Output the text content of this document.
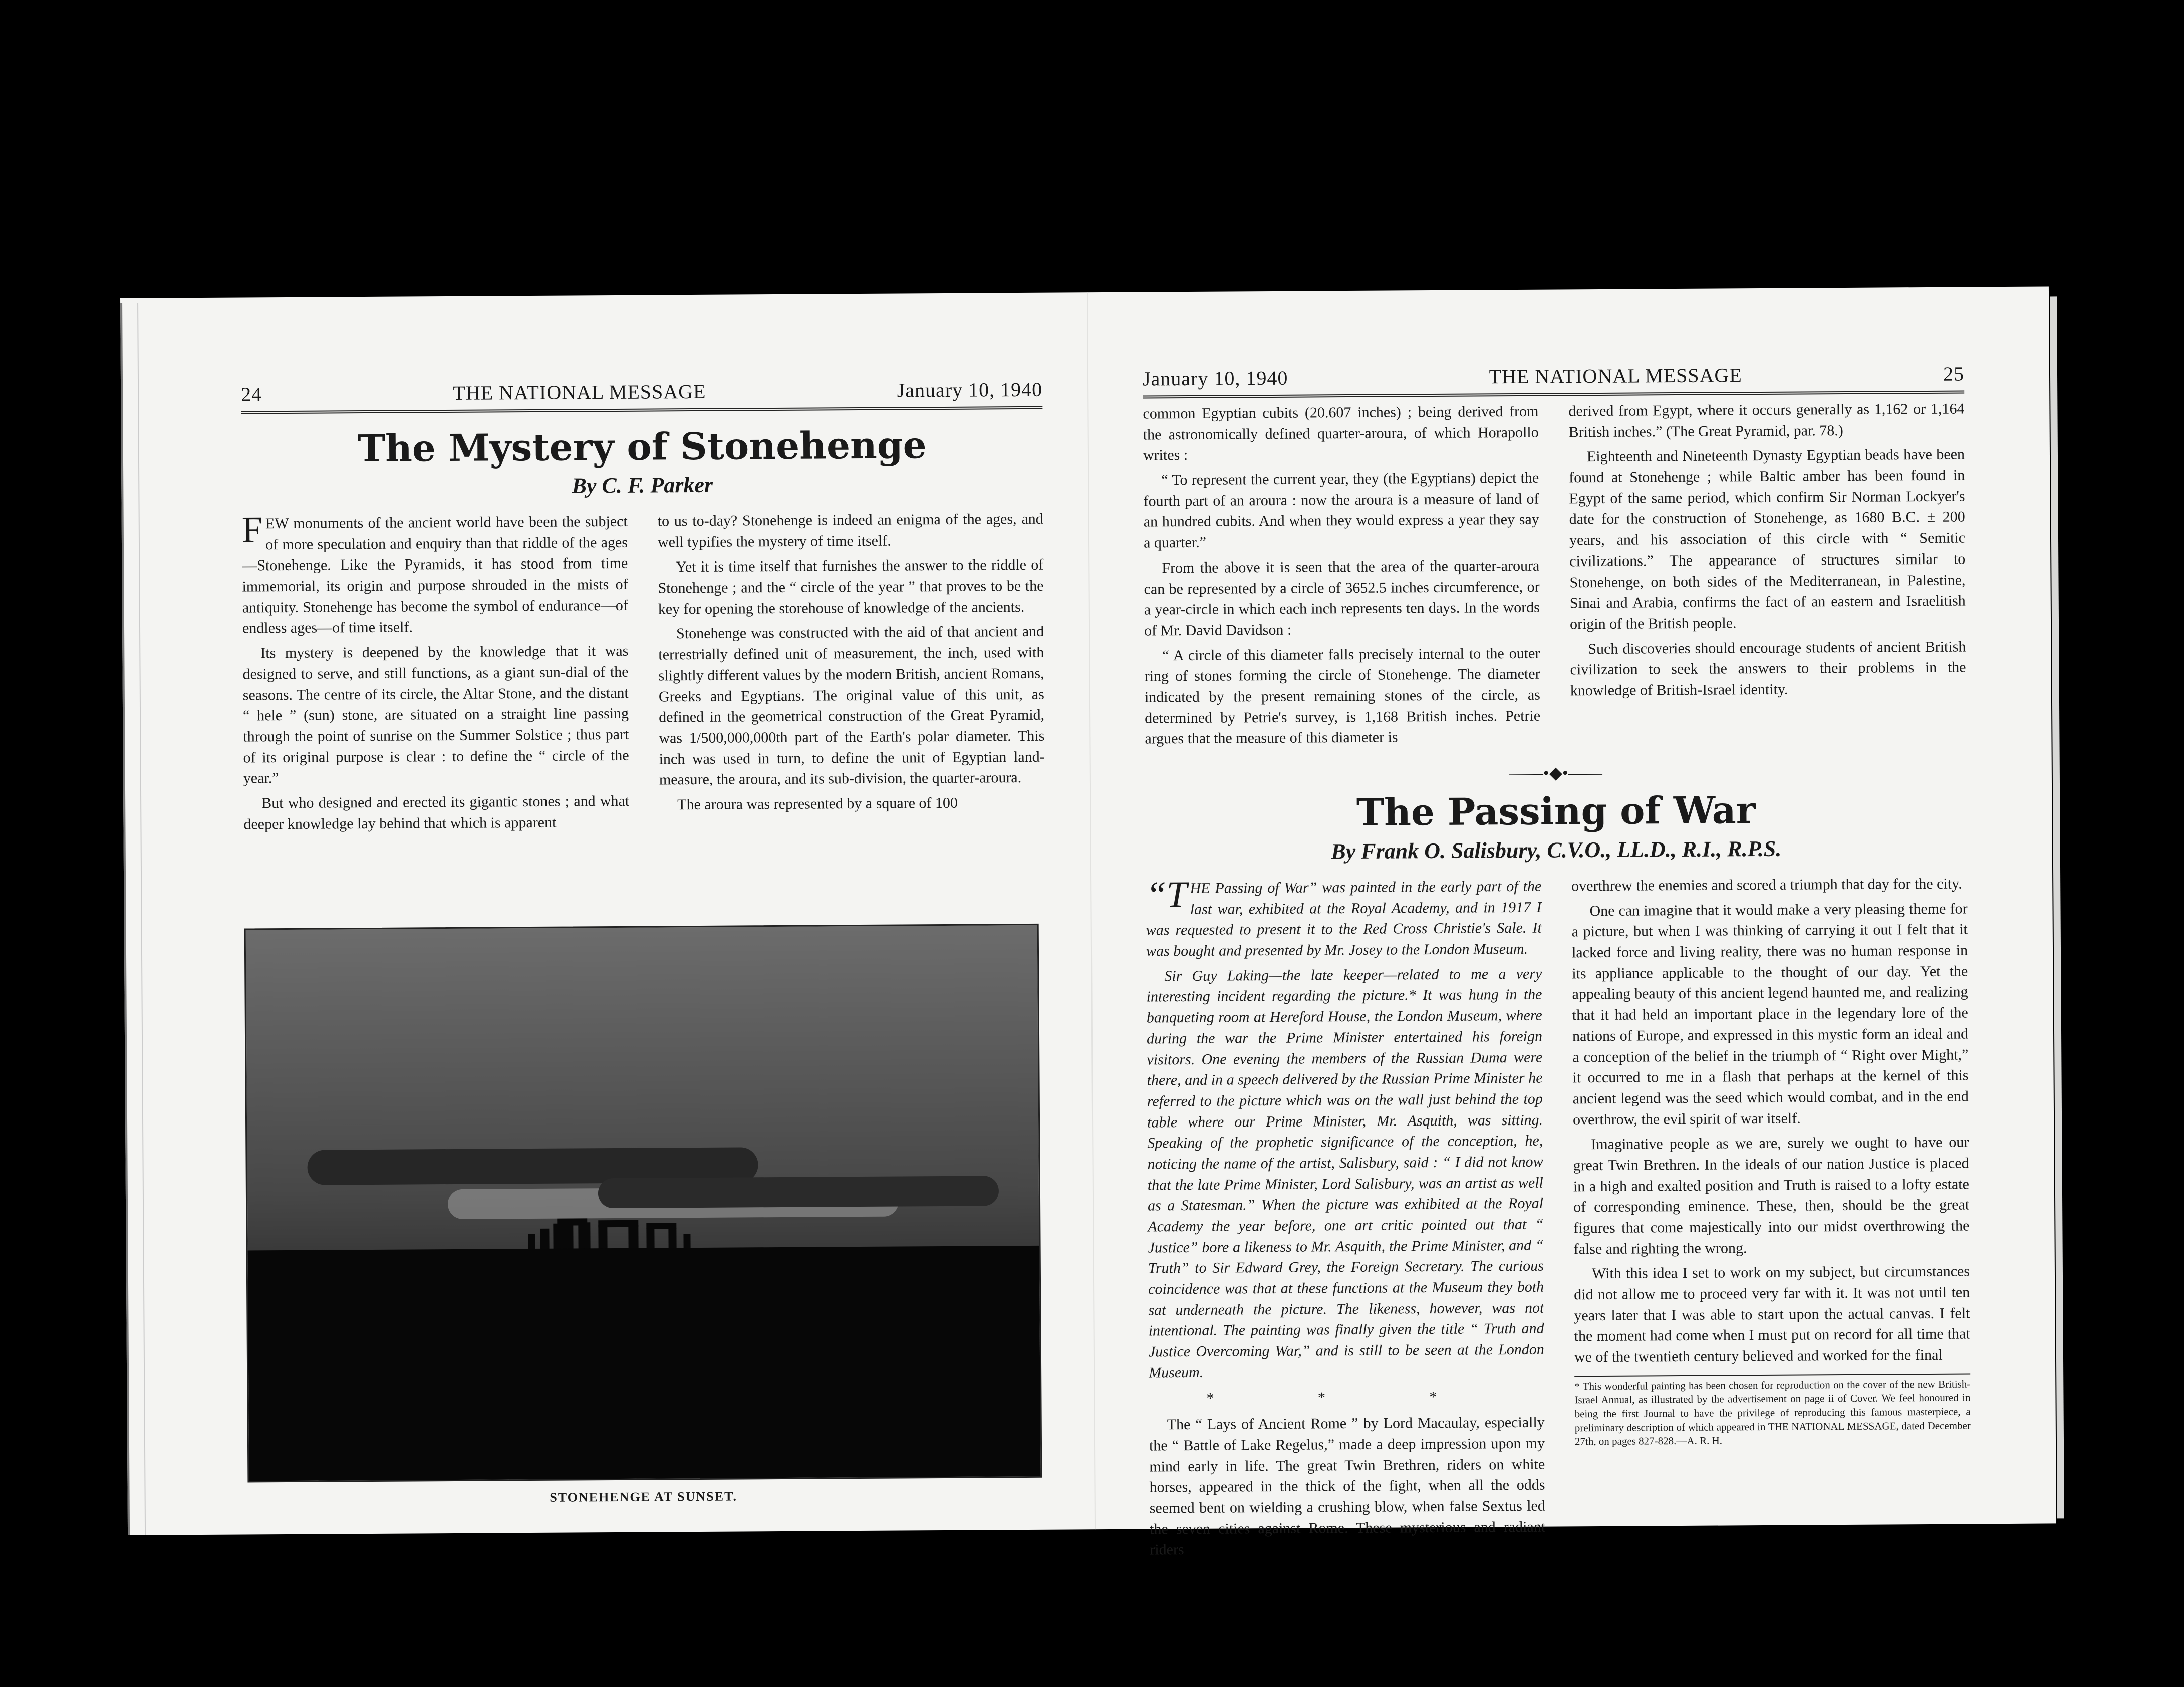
24	THE NATIONAL MESSAGE	January 10, 1940
The Mystery of Stonehenge
By C. F. Parker

FEW monuments of the ancient world have been the subject of more speculation and enquiry than that riddle of the ages—Stonehenge. Like the Pyramids, it has stood from time immemorial, its origin and purpose shrouded in the mists of antiquity. Stonehenge has become the symbol of endurance—of endless ages—of time itself.

Its mystery is deepened by the knowledge that it was designed to serve, and still functions, as a giant sun-dial of the seasons. The centre of its circle, the Altar Stone, and the distant “ hele ” (sun) stone, are situated on a straight line passing through the point of sunrise on the Summer Solstice ; thus part of its original purpose is clear : to define the “ circle of the year.”

But who designed and erected its gigantic stones ; and what deeper knowledge lay behind that which is apparent

to us to-day? Stonehenge is indeed an enigma of the ages, and well typifies the mystery of time itself.

Yet it is time itself that furnishes the answer to the riddle of Stonehenge ; and the “ circle of the year ” that proves to be the key for opening the storehouse of knowledge of the ancients.

Stonehenge was constructed with the aid of that ancient and terrestrially defined unit of measurement, the inch, used with slightly different values by the modern British, ancient Romans, Greeks and Egyptians. The original value of this unit, as defined in the geometrical construction of the Great Pyramid, was 1/500,000,000th part of the Earth's polar diameter. This inch was used in turn, to define the unit of Egyptian land-measure, the aroura, and its sub-division, the quarter-aroura.

The aroura was represented by a square of 100

STONEHENGE AT SUNSET.
January 10, 1940	THE NATIONAL MESSAGE	25

common Egyptian cubits (20.607 inches) ; being derived from the astronomically defined quarter-aroura, of which Horapollo writes :

“ To represent the current year, they (the Egyptians) depict the fourth part of an aroura : now the aroura is a measure of land of an hundred cubits. And when they would express a year they say a quarter.”

From the above it is seen that the area of the quarter-aroura can be represented by a circle of 3652.5 inches circumference, or a year-circle in which each inch represents ten days. In the words of Mr. David Davidson :

“ A circle of this diameter falls precisely internal to the outer ring of stones forming the circle of Stonehenge. The diameter indicated by the present remaining stones of the circle, as determined by Petrie's survey, is 1,168 British inches. Petrie argues that the measure of this diameter is

derived from Egypt, where it occurs generally as 1,162 or 1,164 British inches.” (The Great Pyramid, par. 78.)

Eighteenth and Nineteenth Dynasty Egyptian beads have been found at Stonehenge ; while Baltic amber has been found in Egypt of the same period, which confirm Sir Norman Lockyer's date for the construction of Stonehenge, as 1680 B.C. ± 200 years, and his association of this circle with “ Semitic civilizations.” The appearance of structures similar to Stonehenge, on both sides of the Mediterranean, in Palestine, Sinai and Arabia, confirms the fact of an eastern and Israelitish origin of the British people.

Such discoveries should encourage students of ancient British civilization to seek the answers to their problems in the knowledge of British-Israel identity.

——•◆•——
The Passing of War
By Frank O. Salisbury, C.V.O., LL.D., R.I., R.P.S.

“THE Passing of War” was painted in the early part of the last war, exhibited at the Royal Academy, and in 1917 I was requested to present it to the Red Cross Christie's Sale. It was bought and presented by Mr. Josey to the London Museum.

Sir Guy Laking—the late keeper—related to me a very interesting incident regarding the picture.* It was hung in the banqueting room at Hereford House, the London Museum, where during the war the Prime Minister entertained his foreign visitors. One evening the members of the Russian Duma were there, and in a speech delivered by the Russian Prime Minister he referred to the picture which was on the wall just behind the top table where our Prime Minister, Mr. Asquith, was sitting. Speaking of the prophetic significance of the conception, he, noticing the name of the artist, Salisbury, said : “ I did not know that the late Prime Minister, Lord Salisbury, was an artist as well as a Statesman.” When the picture was exhibited at the Royal Academy the year before, one art critic pointed out that “ Justice” bore a likeness to Mr. Asquith, the Prime Minister, and “ Truth” to Sir Edward Grey, the Foreign Secretary. The curious coincidence was that at these functions at the Museum they both sat underneath the picture. The likeness, however, was not intentional. The painting was finally given the title “ Truth and Justice Overcoming War,” and is still to be seen at the London Museum.

* * *

The “ Lays of Ancient Rome ” by Lord Macaulay, especially the “ Battle of Lake Regelus,” made a deep impression upon my mind early in life. The great Twin Brethren, riders on white horses, appeared in the thick of the fight, when all the odds seemed bent on wielding a crushing blow, when false Sextus led the seven cities against Rome. These mysterious and radiant riders

overthrew the enemies and scored a triumph that day for the city.

One can imagine that it would make a very pleasing theme for a picture, but when I was thinking of carrying it out I felt that it lacked force and living reality, there was no human response in its appliance applicable to the thought of our day. Yet the appealing beauty of this ancient legend haunted me, and realizing that it had held an important place in the legendary lore of the nations of Europe, and expressed in this mystic form an ideal and a conception of the belief in the triumph of “ Right over Might,” it occurred to me in a flash that perhaps at the kernel of this ancient legend was the seed which would combat, and in the end overthrow, the evil spirit of war itself.

Imaginative people as we are, surely we ought to have our great Twin Brethren. In the ideals of our nation Justice is placed in a high and exalted position and Truth is raised to a lofty estate of corresponding eminence. These, then, should be the great figures that come majestically into our midst overthrowing the false and righting the wrong.

With this idea I set to work on my subject, but circumstances did not allow me to proceed very far with it. It was not until ten years later that I was able to start upon the actual canvas. I felt the moment had come when I must put on record for all time that we of the twentieth century believed and worked for the final

* This wonderful painting has been chosen for reproduction on the cover of the new British-Israel Annual, as illustrated by the advertisement on page ii of Cover. We feel honoured in being the first Journal to have the privilege of reproducing this famous masterpiece, a preliminary description of which appeared in THE NATIONAL MESSAGE, dated December 27th, on pages 827-828.—A. R. H.
